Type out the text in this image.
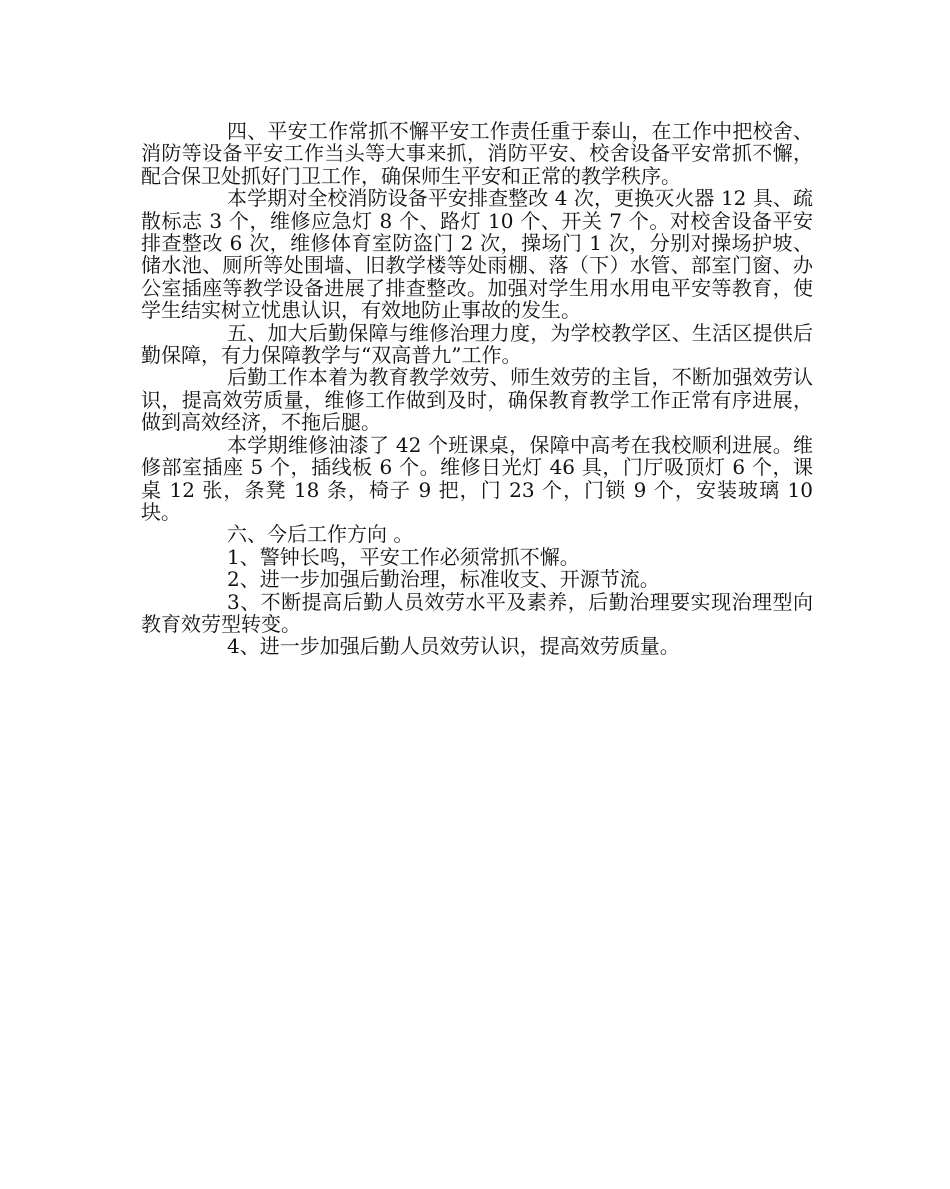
四、平安工作常抓不懈平安工作责任重于泰山，在工作中把校舍、消防等设备平安工作当头等大事来抓，消防平安、校舍设备平安常抓不懈，配合保卫处抓好门卫工作，确保师生平安和正常的教学秩序。

本学期对全校消防设备平安排查整改 4 次，更换灭火器 12 具、疏散标志 3 个，维修应急灯 8 个、路灯 10 个、开关 7 个。对校舍设备平安排查整改 6 次，维修体育室防盗门 2 次，操场门 1 次，分别对操场护坡、储水池、厕所等处围墙、旧教学楼等处雨棚、落（下）水管、部室门窗、办公室插座等教学设备进展了排查整改。加强对学生用水用电平安等教育，使学生结实树立忧患认识，有效地防止事故的发生。

五、加大后勤保障与维修治理力度，为学校教学区、生活区提供后勤保障，有力保障教学与“双高普九”工作。

后勤工作本着为教育教学效劳、师生效劳的主旨，不断加强效劳认识，提高效劳质量，维修工作做到及时，确保教育教学工作正常有序进展，做到高效经济，不拖后腿。

本学期维修油漆了 42 个班课桌，保障中高考在我校顺利进展。维修部室插座 5 个，插线板 6 个。维修日光灯 46 具，门厅吸顶灯 6 个，课桌 12 张，条凳 18 条，椅子 9 把，门 23 个，门锁 9 个，安装玻璃 10 块。

六、今后工作方向 。

1、警钟长鸣，平安工作必须常抓不懈。

2、进一步加强后勤治理，标准收支、开源节流。

3、不断提高后勤人员效劳水平及素养，后勤治理要实现治理型向教育效劳型转变。

4、进一步加强后勤人员效劳认识，提高效劳质量。
